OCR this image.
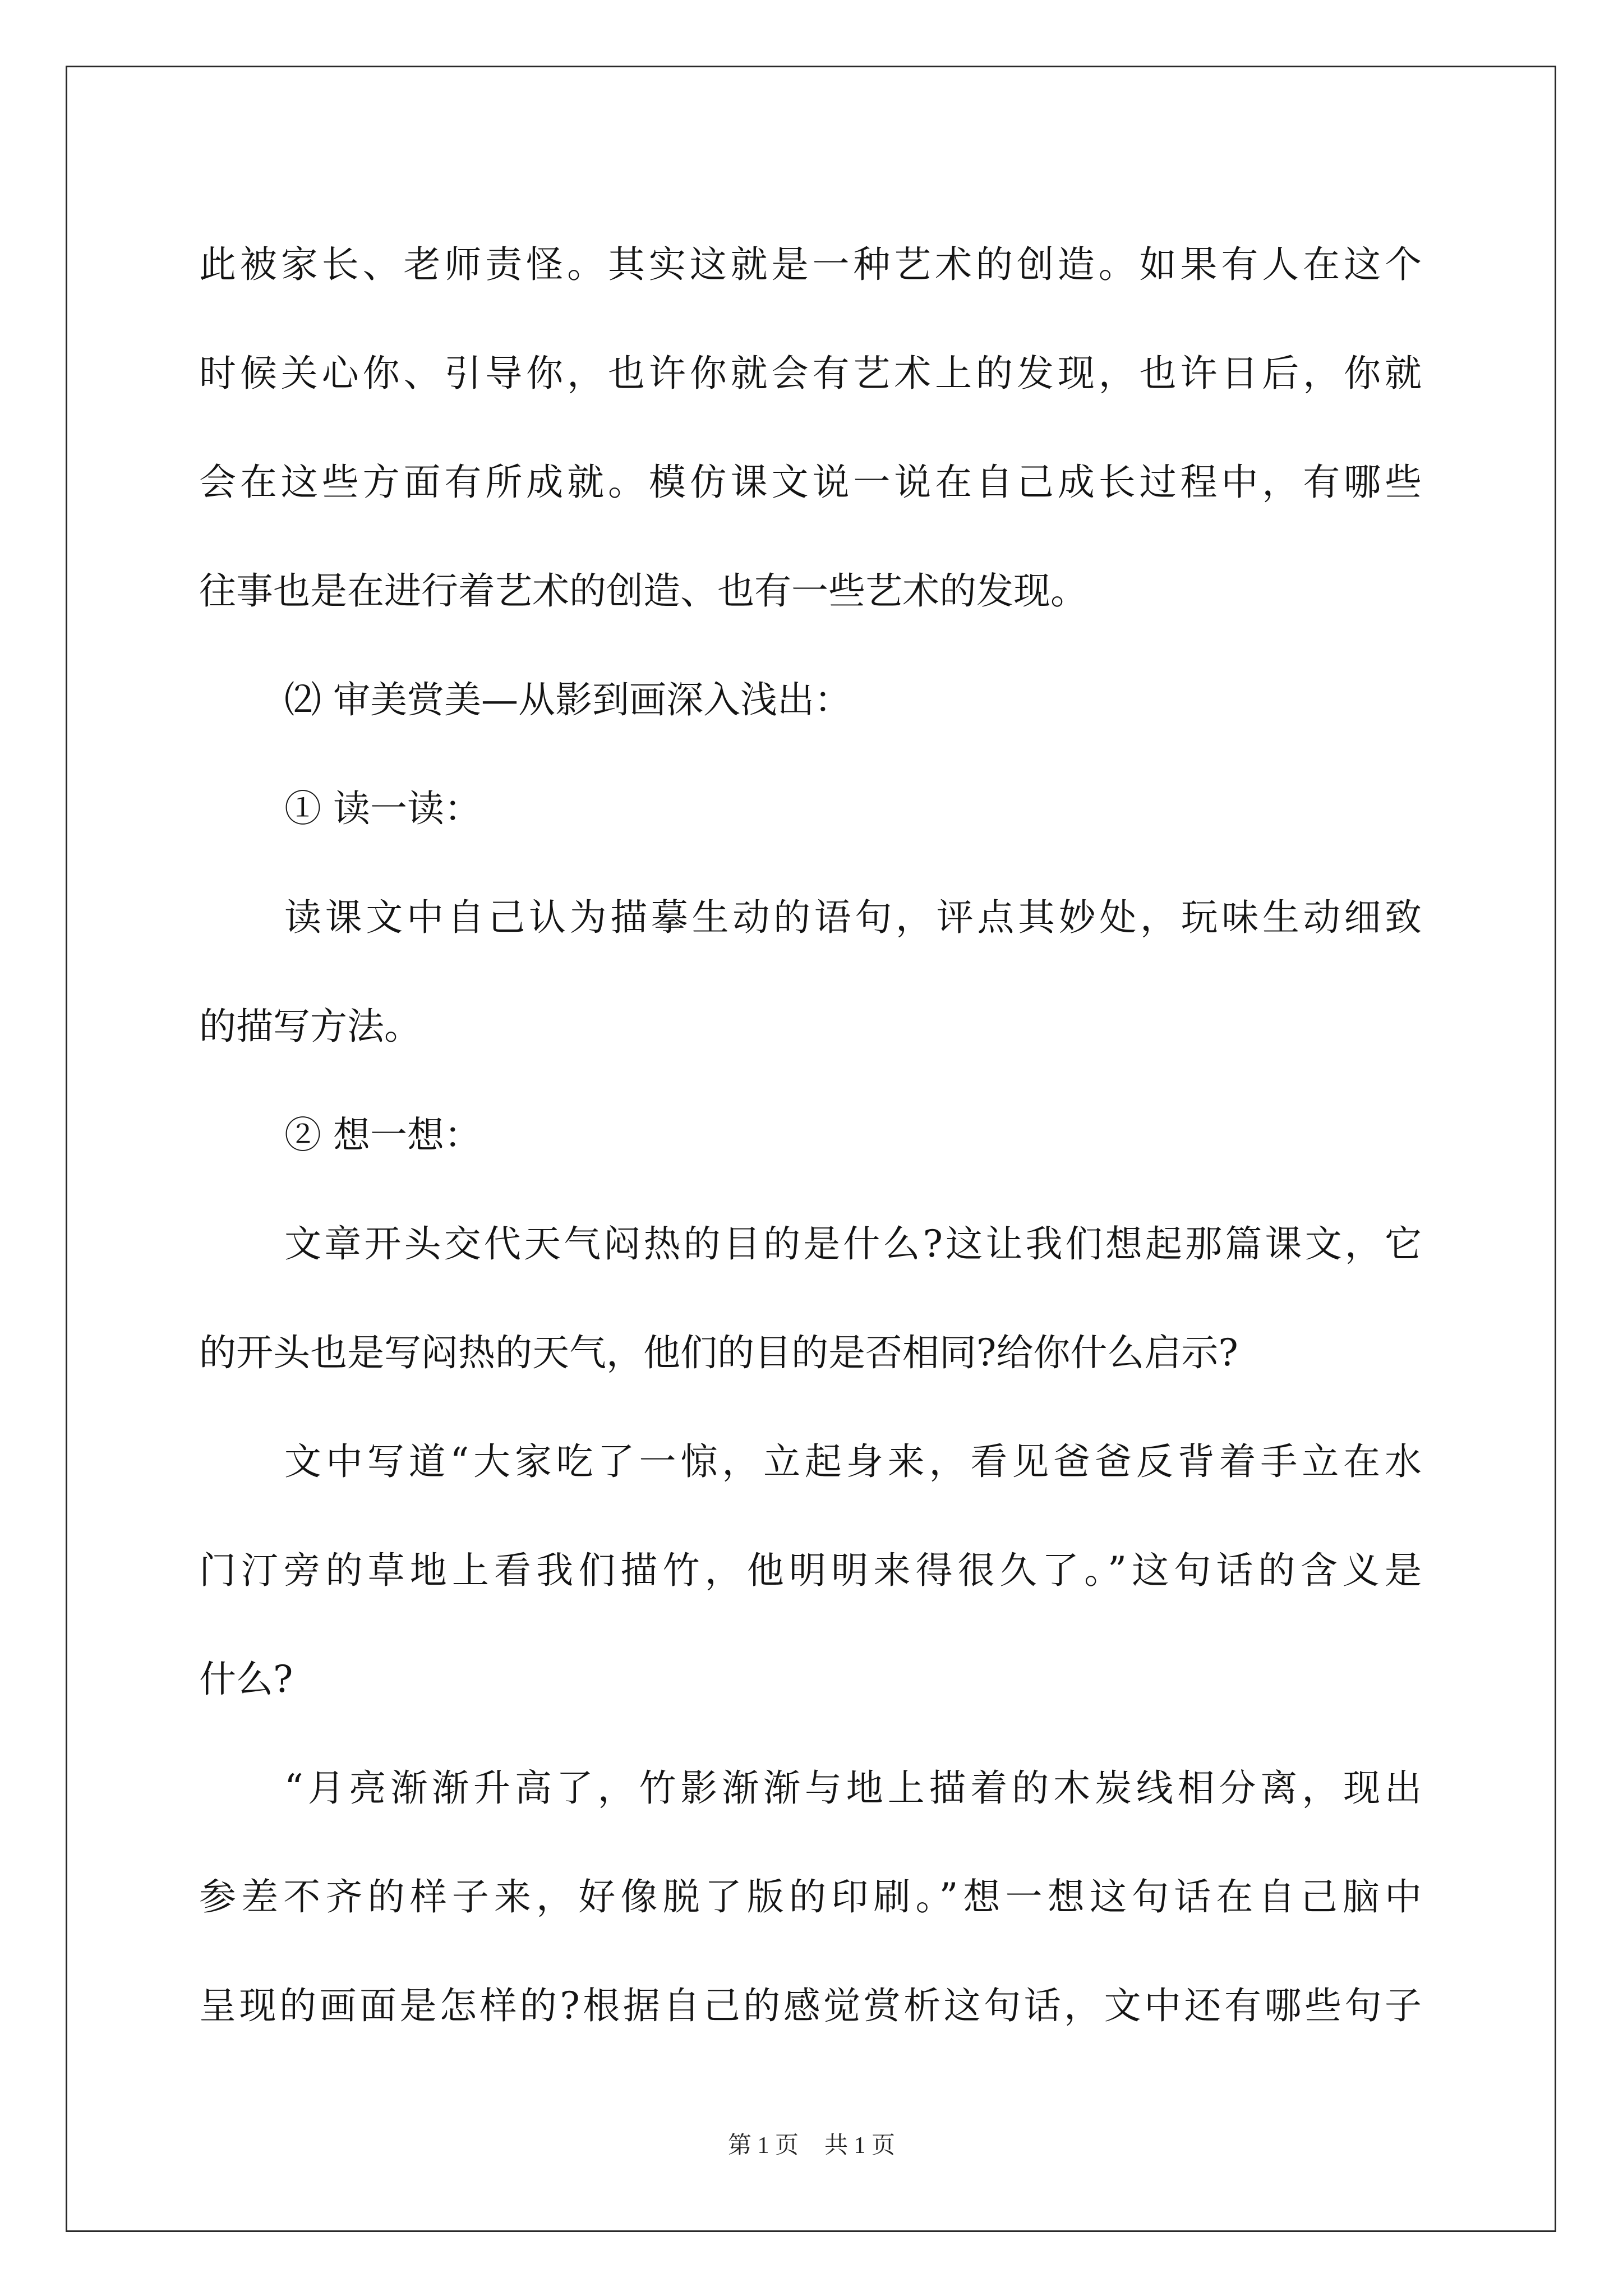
此被家长、老师责怪。其实这就是一种艺术的创造。如果有人在这个
时候关心你、引导你，也许你就会有艺术上的发现，也许日后，你就
会在这些方面有所成就。模仿课文说一说在自己成长过程中，有哪些
往事也是在进行着艺术的创造、也有一些艺术的发现。
⑵ 审美赏美—从影到画深入浅出：
① 读一读：
读课文中自己认为描摹生动的语句，评点其妙处，玩味生动细致
的描写方法。
② 想一想：
文章开头交代天气闷热的目的是什么?这让我们想起那篇课文，它
的开头也是写闷热的天气，他们的目的是否相同?给你什么启示?
文中写道“大家吃了一惊，立起身来，看见爸爸反背着手立在水
门汀旁的草地上看我们描竹，他明明来得很久了。”这句话的含义是
什么?
“月亮渐渐升高了，竹影渐渐与地上描着的木炭线相分离，现出
参差不齐的样子来，好像脱了版的印刷。”想一想这句话在自己脑中
呈现的画面是怎样的?根据自己的感觉赏析这句话，文中还有哪些句子
第 1 页 共 1 页
